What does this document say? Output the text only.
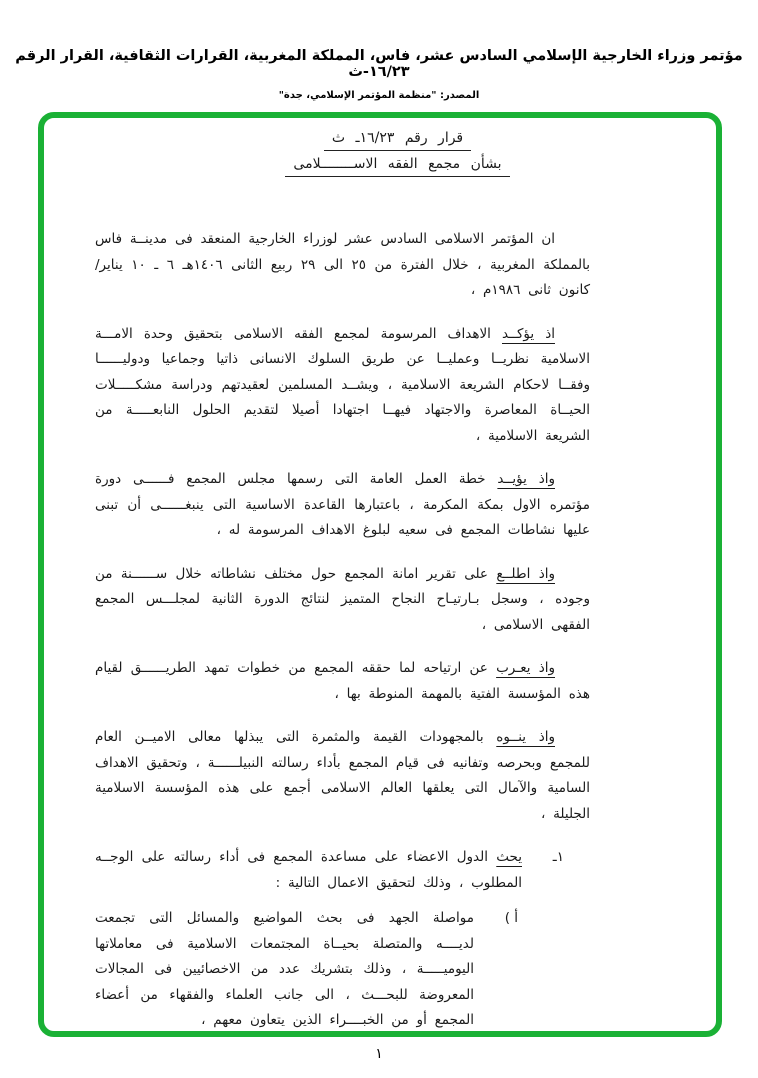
مؤتمر وزراء الخارجية الإسلامي السادس عشر، فاس، المملكة المغربية، القرارات الثقافية، القرار الرقم ١٦/٢٣-ث
المصدر: "منظمة المؤتمر الإسلامي، جدة"
قرار رقم ١٦/٢٣ـ ث
بشأن مجمع الفقه الاســــــــلامى

ان المؤتمر الاسلامى السادس عشر لوزراء الخارجية المنعقد فى مدينــة فاس بالمملكة المغربية ، خلال الفترة من ٢٥ الى ٢٩ ربيع الثانى ١٤٠٦هـ ٦ ـ ١٠ يناير/ كانون ثانى ١٩٨٦م ،

اذ يؤكــد الاهداف المرسومة لمجمع الفقه الاسلامى بتحقيق وحدة الامـــة الاسلامية نظريــا وعمليــا عن طريق السلوك الانسانى ذاتيا وجماعيا ودوليــــــا وفقــا لاحكام الشريعة الاسلامية ، ويشــد المسلمين لعقيدتهم ودراسة مشكـــــلات الحيــاة المعاصرة والاجتهاد فيهــا اجتهادا أصيلا لتقديم الحلول النابعـــــة من الشريعة الاسلامية ،

واذ يؤيــد خطة العمل العامة التى رسمها مجلس المجمع فــــــى دورة مؤتمره الاول بمكة المكرمة ، باعتبارها القاعدة الاساسية التى ينبغــــــى أن تبنى عليها نشاطات المجمع فى سعيه لبلوغ الاهداف المرسومة له ،

واذ اطلــع على تقرير امانة المجمع حول مختلف نشاطاته خلال ســــــنة من وجوده ، وسجل بـارتيـاح النجاح المتميز لنتائج الدورة الثانية لمجلـــس المجمع الفقهى الاسلامى ،

واذ يعـرب عن ارتياحه لما حققه المجمع من خطوات تمهد الطريــــــق لقيام هذه المؤسسة الفتية بالمهمة المنوطة بها ،

واذ ينــوه بالمجهودات القيمة والمثمرة التى يبذلها معالى الاميــن العام للمجمع وبحرصه وتفانيه فى قيام المجمع بأداء رسالته النبيلــــــة ، وتحقيق الاهداف السامية والآمال التى يعلقها العالم الاسلامى أجمع على هذه المؤسسة الاسلامية الجليلة ،

١ـ

يحث الدول الاعضاء على مساعدة المجمع فى أداء رسالته على الوجــه المطلوب ، وذلك لتحقيق الاعمال التالية :

أ )

مواصلة الجهد فى بحث المواضيع والمسائل التى تجمعت لديــــه والمتصلة بحيــاة المجتمعات الاسلامية فى معاملاتها اليوميـــــة ، وذلك بتشريك عدد من الاخصائيين فى المجالات المعروضة للبحـــث ، الى جانب العلماء والفقهاء من أعضاء المجمع أو من الخبــــراء الذين يتعاون معهم ،

١
